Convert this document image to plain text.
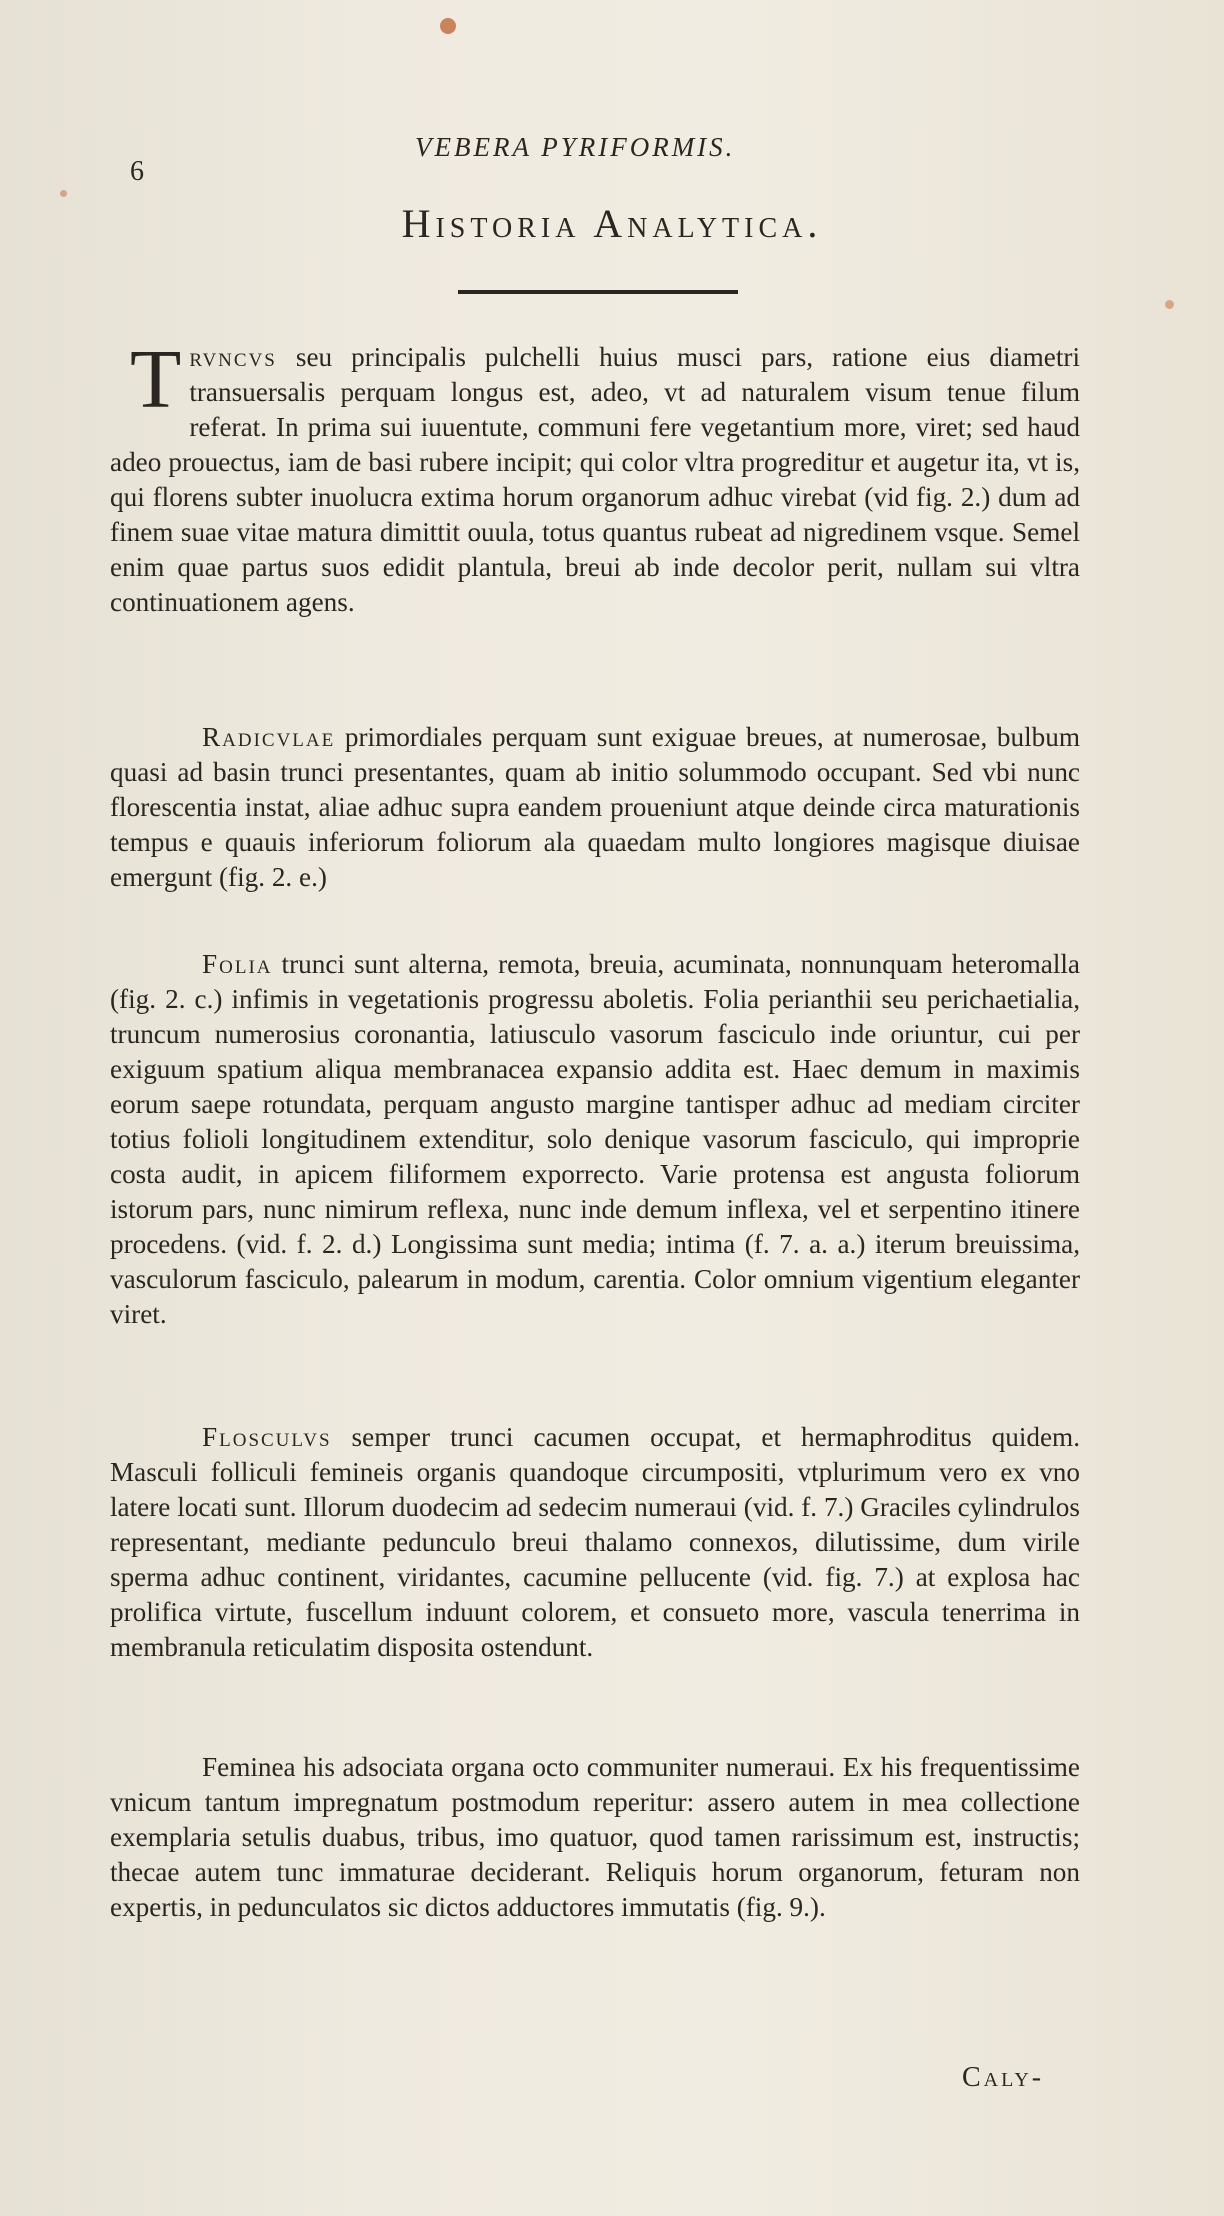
6
VEBERA PYRIFORMIS.
Historia Analytica.

Trvncvs seu principalis pulchelli huius musci pars, ratione eius diametri transuersalis perquam longus est, adeo, vt ad naturalem visum tenue filum referat. In prima sui iuuentute, communi fere vegetantium more, viret; sed haud adeo prouectus, iam de basi rubere incipit; qui color vltra progreditur et augetur ita, vt is, qui florens subter inuolucra extima horum organorum adhuc virebat (vid fig. 2.) dum ad finem suae vitae matura dimittit ouula, totus quantus rubeat ad nigredinem vsque. Semel enim quae partus suos edidit plantula, breui ab inde decolor perit, nullam sui vltra continuationem agens.

Radicvlae primordiales perquam sunt exiguae breues, at numerosae, bulbum quasi ad basin trunci presentantes, quam ab initio solummodo occupant. Sed vbi nunc florescentia instat, aliae adhuc supra eandem proueniunt atque deinde circa maturationis tempus e quauis inferiorum foliorum ala quaedam multo longiores magisque diuisae emergunt (fig. 2. e.)

Folia trunci sunt alterna, remota, breuia, acuminata, nonnunquam heteromalla (fig. 2. c.) infimis in vegetationis progressu aboletis. Folia perianthii seu perichaetialia, truncum numerosius coronantia, latiusculo vasorum fasciculo inde oriuntur, cui per exiguum spatium aliqua membranacea expansio addita est. Haec demum in maximis eorum saepe rotundata, perquam angusto margine tantisper adhuc ad mediam circiter totius folioli longitudinem extenditur, solo denique vasorum fasciculo, qui improprie costa audit, in apicem filiformem exporrecto. Varie protensa est angusta foliorum istorum pars, nunc nimirum reflexa, nunc inde demum inflexa, vel et serpentino itinere procedens. (vid. f. 2. d.) Longissima sunt media; intima (f. 7. a. a.) iterum breuissima, vasculorum fasciculo, palearum in modum, carentia. Color omnium vigentium eleganter viret.

Flosculvs semper trunci cacumen occupat, et hermaphroditus quidem. Masculi folliculi femineis organis quandoque circumpositi, vtplurimum vero ex vno latere locati sunt. Illorum duodecim ad sedecim numeraui (vid. f. 7.) Graciles cylindrulos representant, mediante pedunculo breui thalamo connexos, dilutissime, dum virile sperma adhuc continent, viridantes, cacumine pellucente (vid. fig. 7.) at explosa hac prolifica virtute, fuscellum induunt colorem, et consueto more, vascula tenerrima in membranula reticulatim disposita ostendunt.

Feminea his adsociata organa octo communiter numeraui. Ex his frequentissime vnicum tantum impregnatum postmodum reperitur: assero autem in mea collectione exemplaria setulis duabus, tribus, imo quatuor, quod tamen rarissimum est, instructis; thecae autem tunc immaturae deciderant. Reliquis horum organorum, feturam non expertis, in pedunculatos sic dictos adductores immutatis (fig. 9.).

Caly-
